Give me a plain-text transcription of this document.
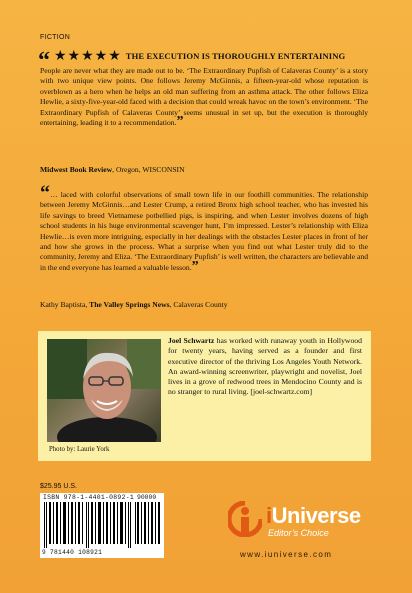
FICTION
“ ★★★★★ THE EXECUTION IS THOROUGHLY ENTERTAINING
People are never what they are made out to be. ‘The Extraordinary Pupfish of Calaveras County’ is a story with two unique view points. One follows Jeremy McGinnis, a fifteen-year-old whose reputation is overblown as a hero when he helps an old man suffering from an asthma attack. The other follows Eliza Hewlie, a sixty-five-year-old faced with a decision that could wreak havoc on the town’s environment. ‘The Extraordinary Pupfish of Calaveras County’ seems unusual in set up, but the execution is thoroughly entertaining, leading it to a recommendation.”
Midwest Book Review, Oregon, WISCONSIN
“… laced with colorful observations of small town life in our foothill communities. The relationship between Jeremy McGinnis…and Lester Crump, a retired Bronx high school teacher, who has invested his life savings to breed Vietnamese potbellied pigs, is inspiring, and when Lester involves dozens of high school students in his huge environmental scavenger hunt, I’m impressed. Lester’s relationship with Eliza Hewlie…is even more intriguing, especially in her dealings with the obstacles Lester places in front of her and how she grows in the process. What a surprise when you find out what Lester truly did to the community, Jeremy and Eliza. ‘The Extraordinary Pupfish’ is well written, the characters are believable and in the end everyone has learned a valuable lesson.”
Kathy Baptista, The Valley Springs News, Calaveras County
Photo by: Laurie York
Joel Schwartz has worked with runaway youth in Hollywood for twenty years, having served as a founder and first executive director of the thriving Los Angeles Youth Network. An award-winning screenwriter, playwright and novelist, Joel lives in a grove of redwood trees in Mendocino County and is no stranger to rural living. [joel-schwartz.com]
$25.95 U.S.
ISBN 978-1-4401-0892-1 90000
9 781440 108921
iUniverse
Editor’s Choice
www.iuniverse.com
